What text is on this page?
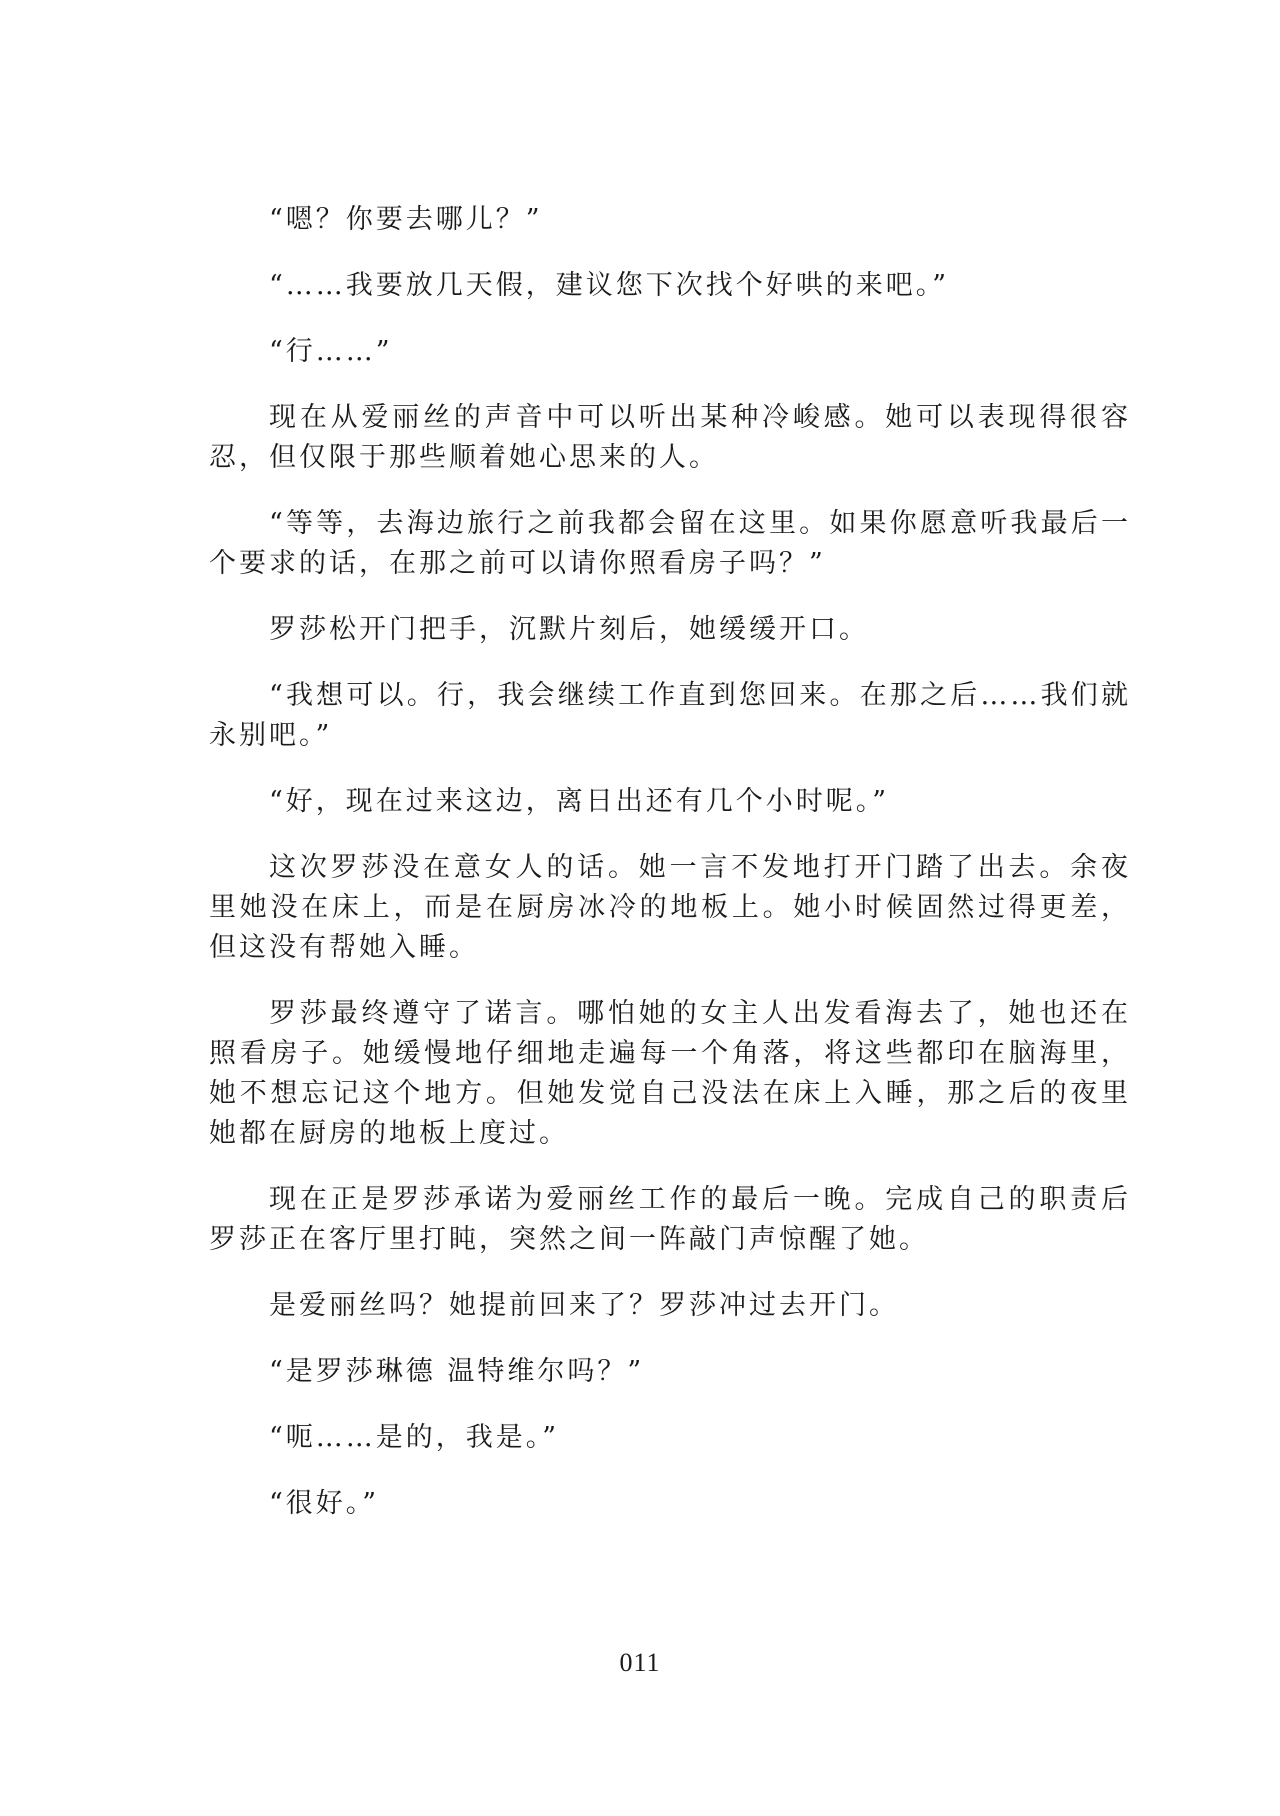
“嗯？你要去哪儿？”

“……我要放几天假，建议您下次找个好哄的来吧。”

“行……”

现在从爱丽丝的声音中可以听出某种冷峻感。她可以表现得很容忍，但仅限于那些顺着她心思来的人。

“等等，去海边旅行之前我都会留在这里。如果你愿意听我最后一个要求的话，在那之前可以请你照看房子吗？”

罗莎松开门把手，沉默片刻后，她缓缓开口。

“我想可以。行，我会继续工作直到您回来。在那之后……我们就永别吧。”

“好，现在过来这边，离日出还有几个小时呢。”

这次罗莎没在意女人的话。她一言不发地打开门踏了出去。余夜里她没在床上，而是在厨房冰冷的地板上。她小时候固然过得更差，但这没有帮她入睡。

罗莎最终遵守了诺言。哪怕她的女主人出发看海去了，她也还在照看房子。她缓慢地仔细地走遍每一个角落，将这些都印在脑海里，她不想忘记这个地方。但她发觉自己没法在床上入睡，那之后的夜里她都在厨房的地板上度过。

现在正是罗莎承诺为爱丽丝工作的最后一晚。完成自己的职责后罗莎正在客厅里打盹，突然之间一阵敲门声惊醒了她。

是爱丽丝吗？她提前回来了？罗莎冲过去开门。

“是罗莎琳德 温特维尔吗？”

“呃……是的，我是。”

“很好。”

011
